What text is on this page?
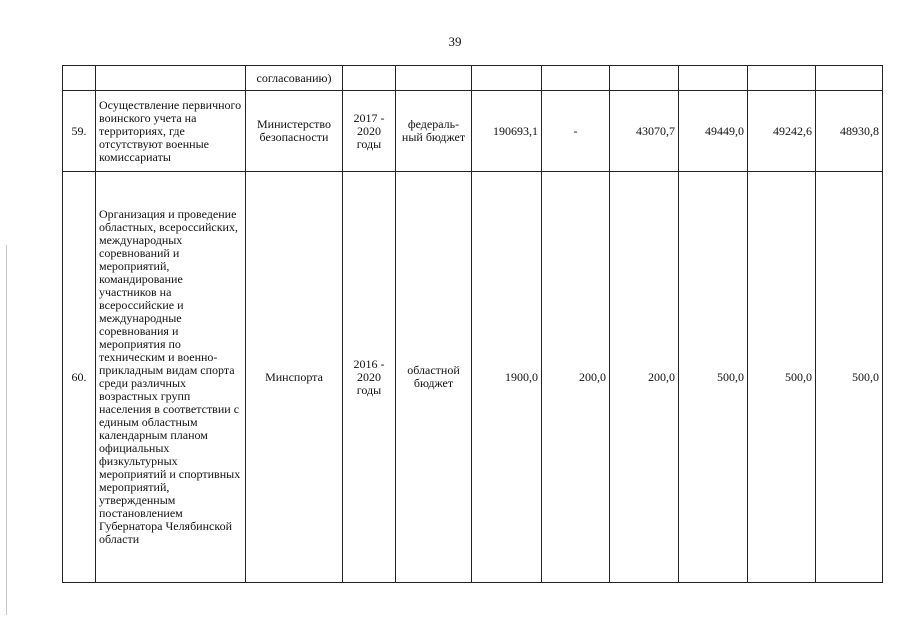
39
		согласованию)								
59.	Осуществление первичного воинского учета на территориях, где отсутствуют военные комиссариаты	Министерство безопасности	2017 - 2020 годы	федераль- ный бюджет	190693,1	-	43070,7	49449,0	49242,6	48930,8
60.	Организация и проведение областных, всероссийских, международных соревнований и мероприятий, командирование участников на всероссийские и международные соревнования и мероприятия по техническим и военно-прикладным видам спорта среди различных возрастных групп населения в соответствии с единым областным календарным планом официальных физкультурных мероприятий и спортивных мероприятий, утвержденным постановлением Губернатора Челябинской области	Минспорта	2016 - 2020 годы	областной бюджет	1900,0	200,0	200,0	500,0	500,0	500,0
